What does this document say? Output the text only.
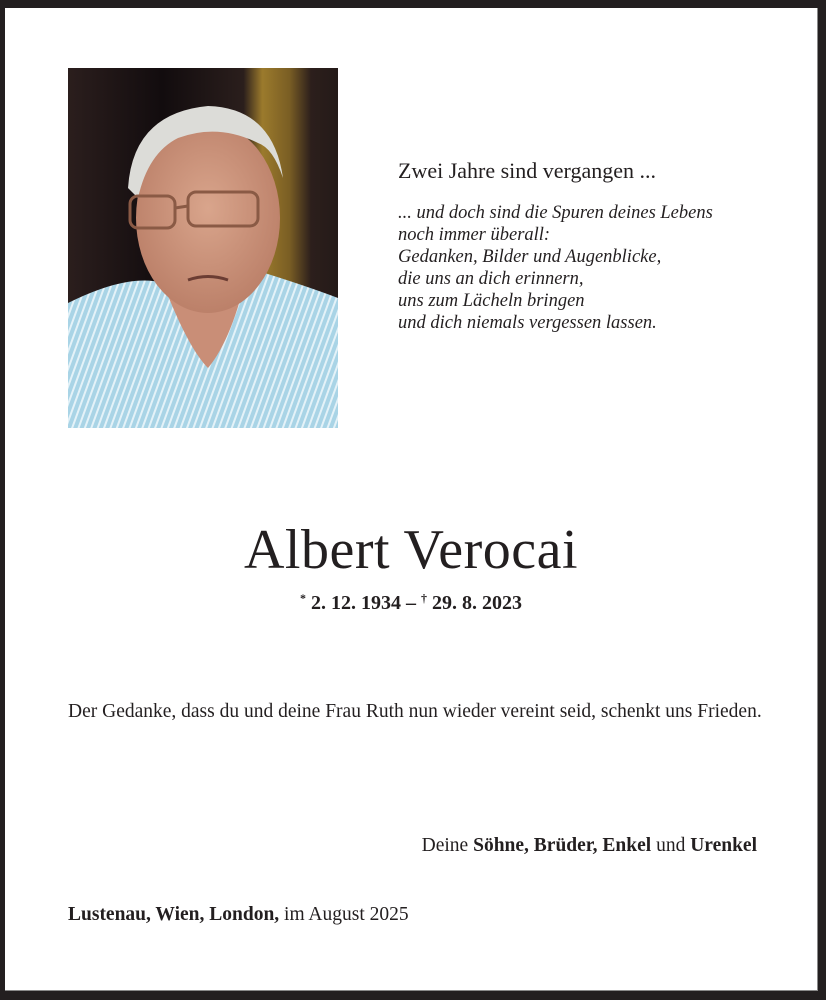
Zwei Jahre sind vergangen ...
... und doch sind die Spuren deines Lebens
noch immer überall:
Gedanken, Bilder und Augenblicke,
die uns an dich erinnern,
uns zum Lächeln bringen
und dich niemals vergessen lassen.
Albert Verocai
* 2. 12. 1934 – † 29. 8. 2023
Der Gedanke, dass du und deine Frau Ruth nun wieder vereint seid, schenkt uns Frieden.
Deine Söhne, Brüder, Enkel und Urenkel
Lustenau, Wien, London, im August 2025
